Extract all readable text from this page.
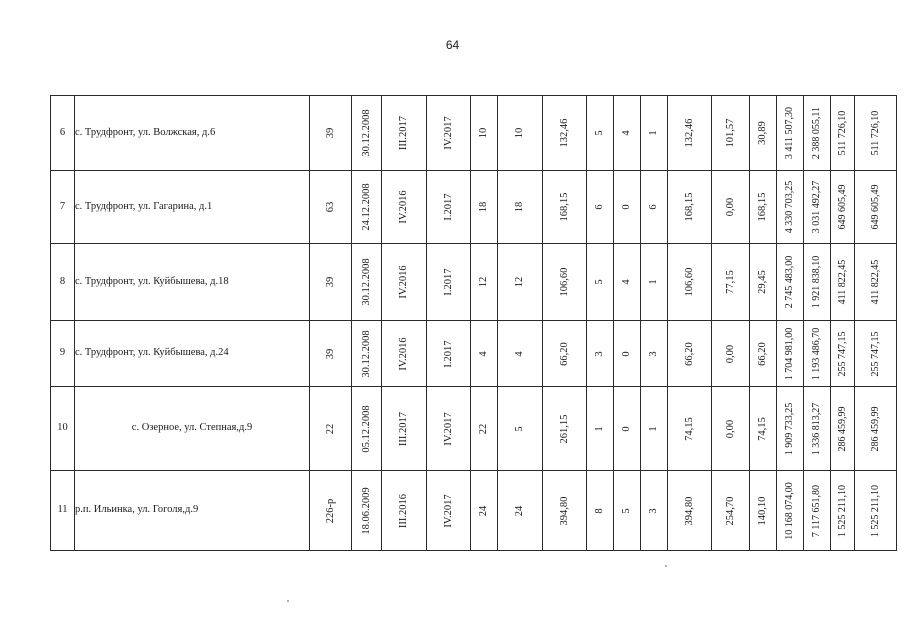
64
6	с. Трудфронт, ул. Волжская, д.6	39	30.12.2008	III.2017	IV.2017	10	10	132,46	5	4	1	132,46	101,57	30,89	3 411 507,30	2 388 055,11	511 726,10	511 726,10

7	с. Трудфронт, ул. Гагарина, д.1	63	24.12.2008	IV.2016	I.2017	18	18	168,15	6	0	6	168,15	0,00	168,15	4 330 703,25	3 031 492,27	649 605,49	649 605,49

8	с. Трудфронт, ул. Куйбышева, д.18	39	30.12.2008	IV.2016	I.2017	12	12	106,60	5	4	1	106,60	77,15	29,45	2 745 483,00	1 921 838,10	411 822,45	411 822,45

9	с. Трудфронт, ул. Куйбышева, д.24	39	30.12.2008	IV.2016	I.2017	4	4	66,20	3	0	3	66,20	0,00	66,20	1 704 981,00	1 193 486,70	255 747,15	255 747,15

10	с. Озерное, ул. Степная,д.9	22	05.12.2008	III.2017	IV.2017	22	5	261,15	1	0	1	74,15	0,00	74,15	1 909 733,25	1 336 813,27	286 459,99	286 459,99

11	р.п. Ильинка, ул. Гоголя,д.9	226-р	18.06.2009	III.2016	IV.2017	24	24	394,80	8	5	3	394,80	254,70	140,10	10 168 074,00	7 117 651,80	1 525 211,10	1 525 211,10
